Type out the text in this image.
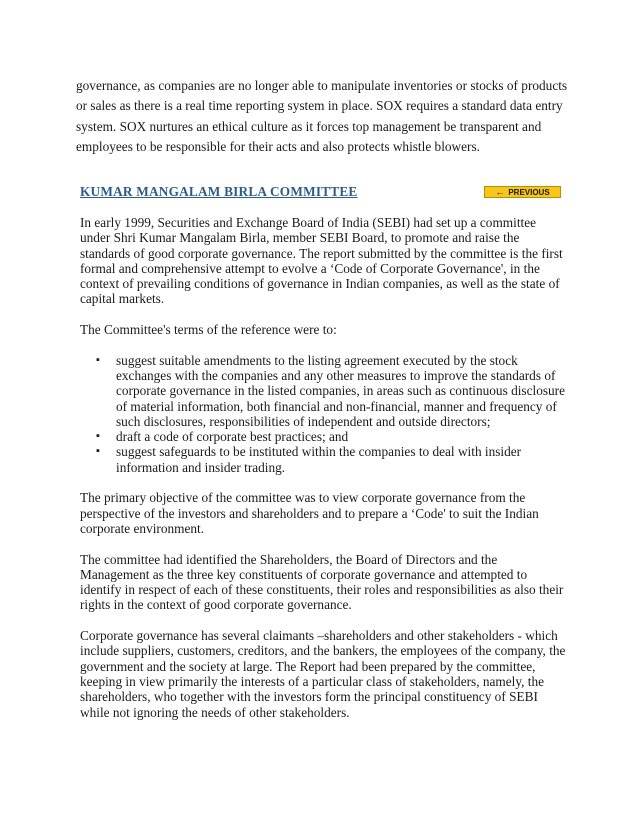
governance, as companies are no longer able to manipulate inventories or stocks of products or sales as there is a real time reporting system in place. SOX requires a standard data entry system. SOX nurtures an ethical culture as it forces top management be transparent and employees to be responsible for their acts and also protects whistle blowers.

KUMAR MANGALAM BIRLA COMMITTEE	← PREVIOUS

In early 1999, Securities and Exchange Board of India (SEBI) had set up a committee under Shri Kumar Mangalam Birla, member SEBI Board, to promote and raise the standards of good corporate governance. The report submitted by the committee is the first formal and comprehensive attempt to evolve a ‘Code of Corporate Governance', in the context of prevailing conditions of governance in Indian companies, as well as the state of capital markets.

The Committee's terms of the reference were to:

▪ suggest suitable amendments to the listing agreement executed by the stock exchanges with the companies and any other measures to improve the standards of corporate governance in the listed companies, in areas such as continuous disclosure of material information, both financial and non-financial, manner and frequency of such disclosures, responsibilities of independent and outside directors;
▪ draft a code of corporate best practices; and
▪ suggest safeguards to be instituted within the companies to deal with insider information and insider trading.

The primary objective of the committee was to view corporate governance from the perspective of the investors and shareholders and to prepare a ‘Code' to suit the Indian corporate environment.

The committee had identified the Shareholders, the Board of Directors and the Management as the three key constituents of corporate governance and attempted to identify in respect of each of these constituents, their roles and responsibilities as also their rights in the context of good corporate governance.

Corporate governance has several claimants –shareholders and other stakeholders - which include suppliers, customers, creditors, and the bankers, the employees of the company, the government and the society at large. The Report had been prepared by the committee, keeping in view primarily the interests of a particular class of stakeholders, namely, the shareholders, who together with the investors form the principal constituency of SEBI while not ignoring the needs of other stakeholders.
